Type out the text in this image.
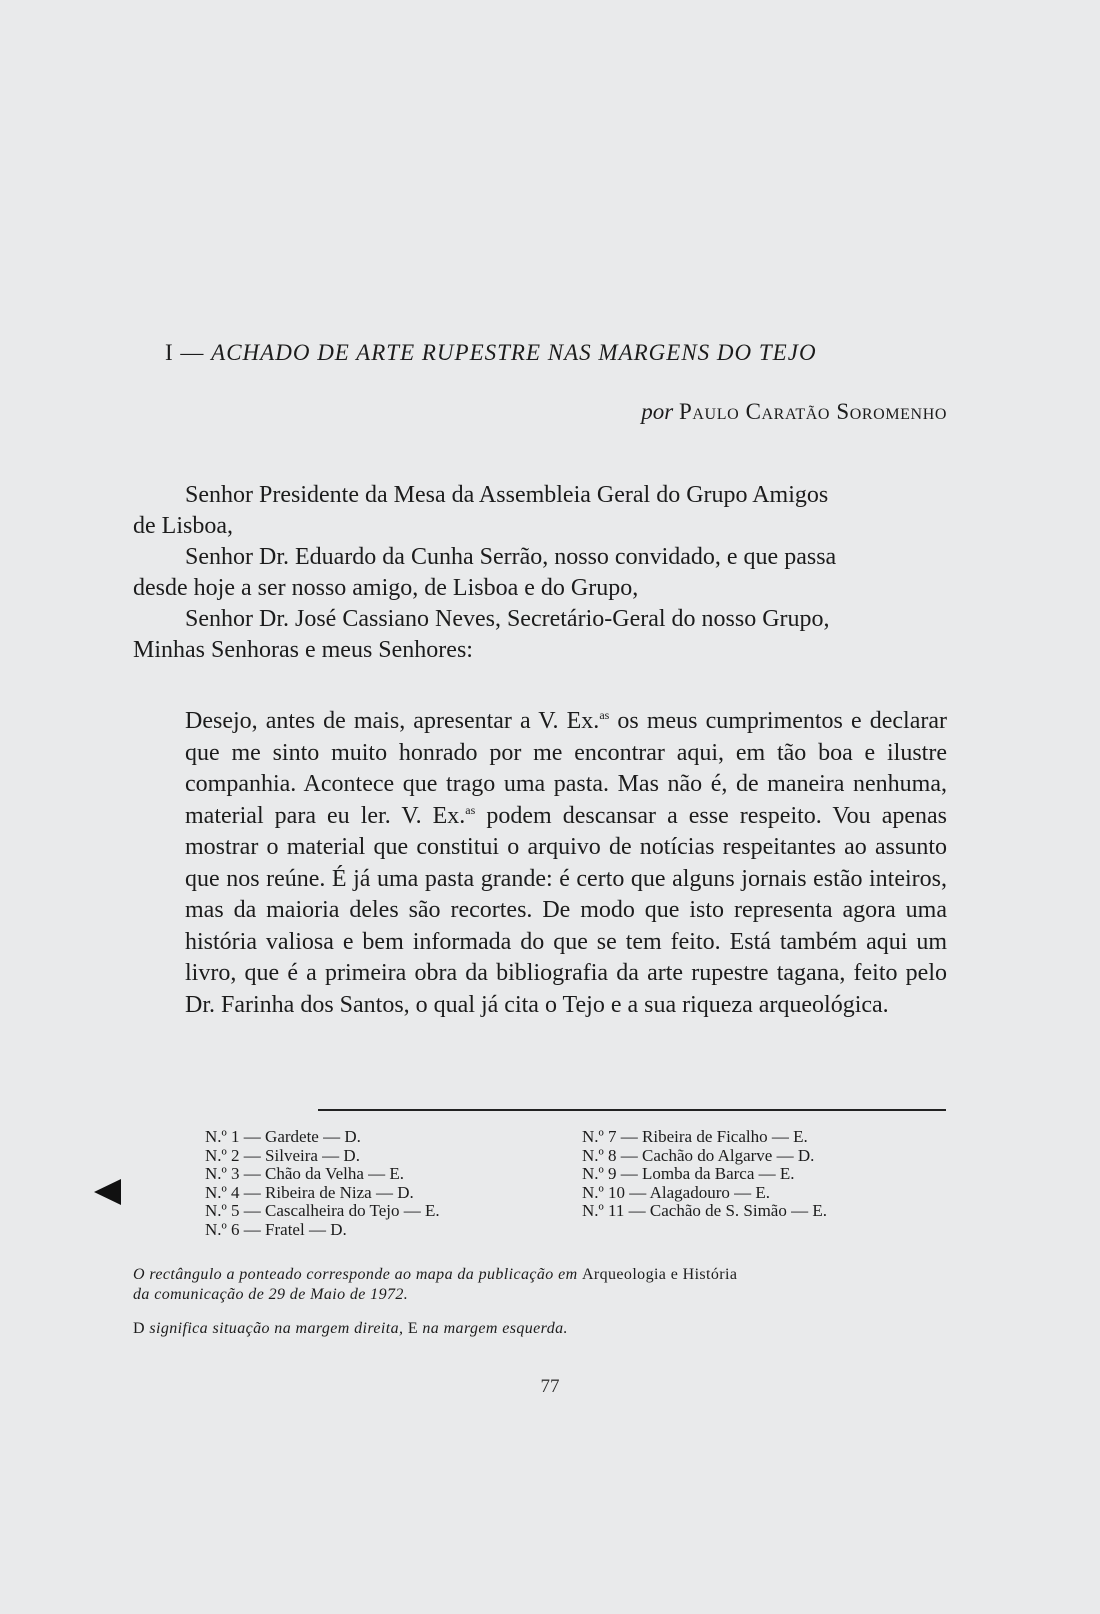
I — ACHADO DE ARTE RUPESTRE NAS MARGENS DO TEJO
por Paulo Caratão Soromenho
Senhor Presidente da Mesa da Assembleia Geral do Grupo Amigos
de Lisboa,
Senhor Dr. Eduardo da Cunha Serrão, nosso convidado, e que passa
desde hoje a ser nosso amigo, de Lisboa e do Grupo,
Senhor Dr. José Cassiano Neves, Secretário-Geral do nosso Grupo,
Minhas Senhoras e meus Senhores:
Desejo, antes de mais, apresentar a V. Ex.$^{as}$ os meus cumprimentos e declarar que me sinto muito honrado por me encontrar aqui, em tão boa e ilustre companhia. Acontece que trago uma pasta. Mas não é, de maneira nenhuma, material para eu ler. V. Ex.$^{as}$ podem descansar a esse respeito. Vou apenas mostrar o material que constitui o arquivo de notícias respeitantes ao assunto que nos reúne. É já uma pasta grande: é certo que alguns jornais estão inteiros, mas da maioria deles são recortes. De modo que isto representa agora uma história valiosa e bem informada do que se tem feito. Está também aqui um livro, que é a primeira obra da bibliografia da arte rupestre tagana, feito pelo Dr. Farinha dos Santos, o qual já cita o Tejo e a sua riqueza arqueológica.
N.º 1 — Gardete — D.
N.º 2 — Silveira — D.
N.º 3 — Chão da Velha — E.
N.º 4 — Ribeira de Niza — D.
N.º 5 — Cascalheira do Tejo — E.
N.º 6 — Fratel — D.
N.º 7 — Ribeira de Ficalho — E.
N.º 8 — Cachão do Algarve — D.
N.º 9 — Lomba da Barca — E.
N.º 10 — Alagadouro — E.
N.º 11 — Cachão de S. Simão — E.
O rectângulo a ponteado corresponde ao mapa da publicação em Arqueologia e História
da comunicação de 29 de Maio de 1972.
D significa situação na margem direita, E na margem esquerda.
77
